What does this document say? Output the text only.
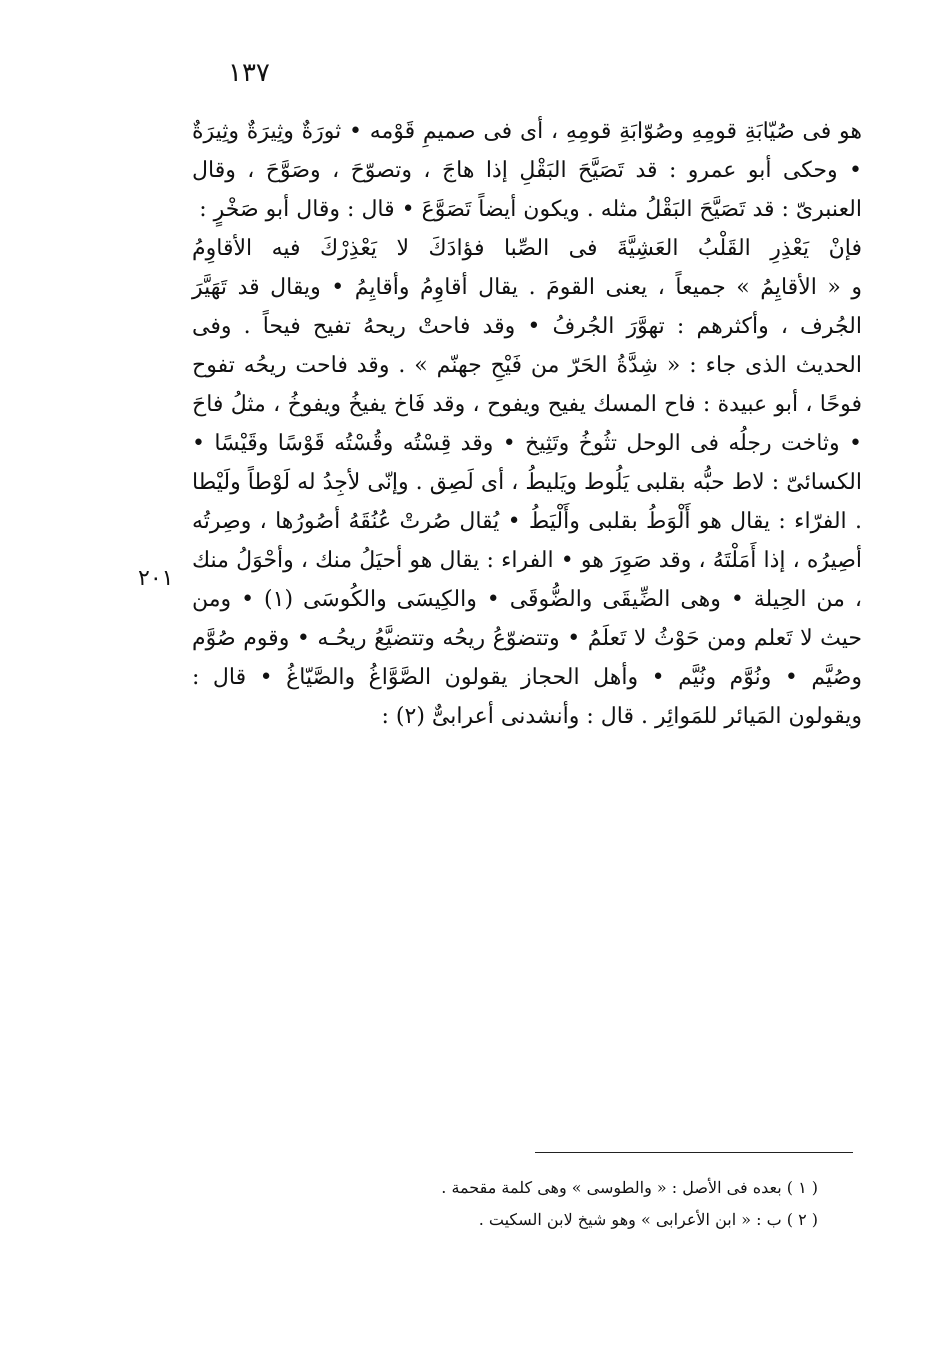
١٣٧

هو فى صُيّابَةِ قومِهِ وصُوّابَةِ قومِهِ ، أى فى صميمِ قَوْمه • ثورَةٌ وثِيرَةٌ وثِيرَةٌ • وحكى أبو عمرو : قد تَصَيَّحَ البَقْلِ إذا هاجَ ، وتصوّحَ ، وصَوَّحَ ، وقال العنبرىّ : قد تَصَيَّحَ البَقْلُ مثله . ويكون أيضاً تَصَوَّعَ • قال : وقال أبو صَخْرٍ :

فإنْ يَعْذِرِ القَلْبُ العَشِيَّةَ فى الصِّبا فؤادَكَ لا يَعْذِرْكَ فيه الأقاوِمُ

و « الأقايِمُ » جميعاً ، يعنى القومَ . يقال أقاوِمُ وأقايِمُ • ويقال قد تَهَيَّرَ الجُرف ، وأكثرهم : تهوَّرَ الجُرفُ • وقد فاحتْ ريحهُ تفيح فيحاً . وفى الحديث الذى جاء : « شِدَّةُ الحَرّ من فَيْحِ جهنّم » . وقد فاحت ريحُه تفوح فوحًا ، أبو عبيدة : فاح المسك يفيح ويفوح ، وقد فَاخ يفيخُ ويفوخُ ، مثلُ فاحَ • وثاخت رجلُه فى الوحل تثُوخُ وتَثِيخ • وقد قِسْتُه وقُسْتُه قَوْسًا وقَيْسًا • الكسائىّ : لاط حبُّه بقلبى يَلُوط ويَليطُ ، أى لَصِق . وإنّى لأجِدُ له لَوْطاً ولَيْطا . الفرّاء : يقال هو أَلْوَطُ بقلبى وأَلْيَطُ • يُقال صُرتْ عُنُقَهُ أصُورُها ، وصِرتُه أصِيرُه ، إذا أَمَلْتَهُ ، وقد صَوِرَ هو • الفراء : يقال هو أحيَلُ منك ، وأحْوَلُ منك ، من الحِيلة • وهى الضِّيقَى والضُّوقَى • والكِيسَى والكُوسَى (١) • ومن حيث لا تَعلم ومن حَوْثُ لا تَعلَمُ • وتتضوّعُ ريحُه وتتضيَّعُ ريحُـه • وقوم صُوَّم وصُيَّم • ونُوَّم ونُيَّم • وأهل الحجاز يقولون الصَّوَّاغُ والصَّيّاغُ • قال : ويقولون المَيائر للمَوائِر . قال : وأنشدنى أعرابىٌّ (٢) :

٢٠١

( ١ ) بعده فى الأصل : « والطوسى » وهى كلمة مقحمة .

( ٢ ) ب : « ابن الأعرابى » وهو شيخ لابن السكيت .
